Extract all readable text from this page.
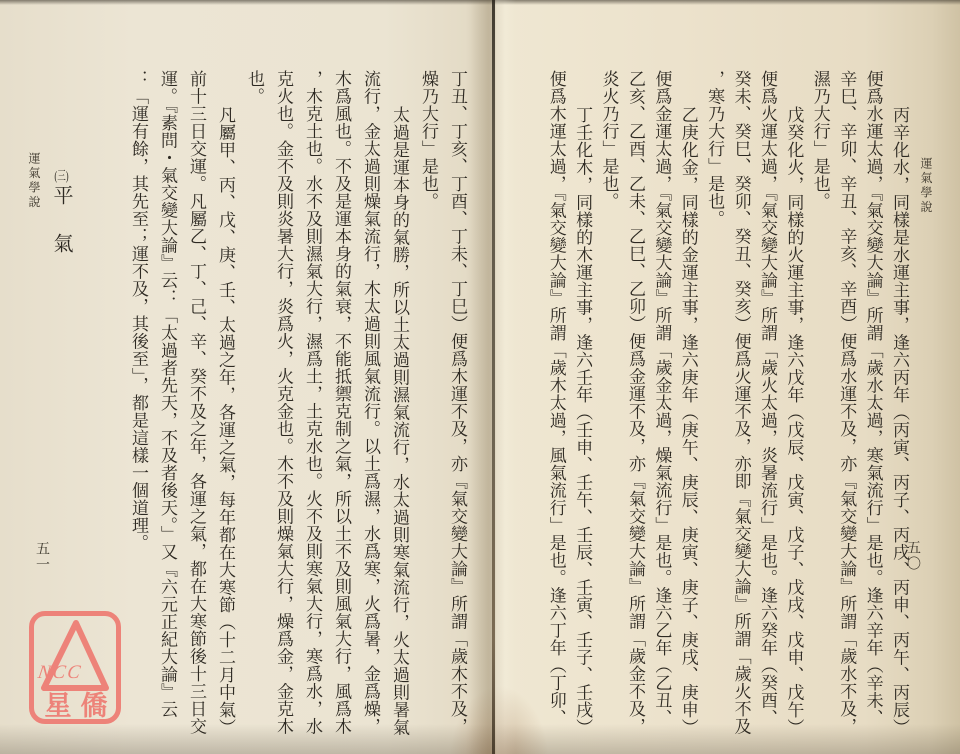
運氣學說
丙辛化水，同樣是水運主事，逢六丙年（丙寅、丙子、丙戌、丙申、丙午、丙辰）
便爲水運太過，『氣交變大論』所謂「歲水太過，寒氣流行」是也。逢六辛年（辛未、
辛巳、辛卯、辛丑、辛亥、辛酉）便爲水運不及，亦『氣交變大論』所謂「歲水不及，
濕乃大行」是也。
戊癸化火，同樣的火運主事，逢六戊年（戊辰、戊寅、戊子、戊戌、戊申、戊午）
便爲火運太過，『氣交變大論』所謂「歲火太過，炎暑流行」是也。逢六癸年（癸酉、
癸未、癸巳、癸卯、癸丑、癸亥）便爲火運不及，亦即『氣交變大論』所謂「歲火不及
，寒乃大行」是也。
乙庚化金，同樣的金運主事，逢六庚年（庚午、庚辰、庚寅、庚子、庚戌、庚申）
便爲金運太過，『氣交變大論』所謂「歲金太過，燥氣流行」是也。逢六乙年（乙丑、
乙亥、乙酉、乙未、乙巳、乙卯）便爲金運不及，亦『氣交變大論』所謂「歲金不及，
炎火乃行」是也。
丁壬化木，同樣的木運主事，逢六壬年（壬申、壬午、壬辰、壬寅、壬子、壬戌）
便爲木運太過，『氣交變大論』所謂「歲木太過，風氣流行」是也。逢六丁年（丁卯、	五〇
運氣學說	丁丑、丁亥、丁酉、丁未、丁巳）便爲木運不及，亦『氣交變大論』所謂「歲木不及，
燥乃大行」是也。
太過是運本身的氣勝，所以土太過則濕氣流行，水太過則寒氣流行，火太過則暑氣
流行，金太過則燥氣流行，木太過則風氣流行。以土爲濕，水爲寒，火爲暑，金爲燥，
木爲風也。不及是運本身的氣衰，不能抵禦克制之氣，所以土不及則風氣大行，風爲木
，木克土也。水不及則濕氣大行，濕爲土，土克水也。火不及則寒氣大行，寒爲水，水
克火也。金不及則炎暑大行，炎爲火，火克金也。木不及則燥氣大行，燥爲金，金克木
也。
凡屬甲、丙、戊、庚、壬、太過之年，各運之氣，每年都在大寒節（十二月中氣）
前十三日交運。凡屬乙、丁、己、辛、癸不及之年，各運之氣，都在大寒節後十三日交
運。『素問・氣交變大論』云：「太過者先天，不及者後天。」又『六元正紀大論』云
：「運有餘，其先至；運不及，其後至」，都是這樣一個道理。
(三)平　氣
五一
NCC
星僑
